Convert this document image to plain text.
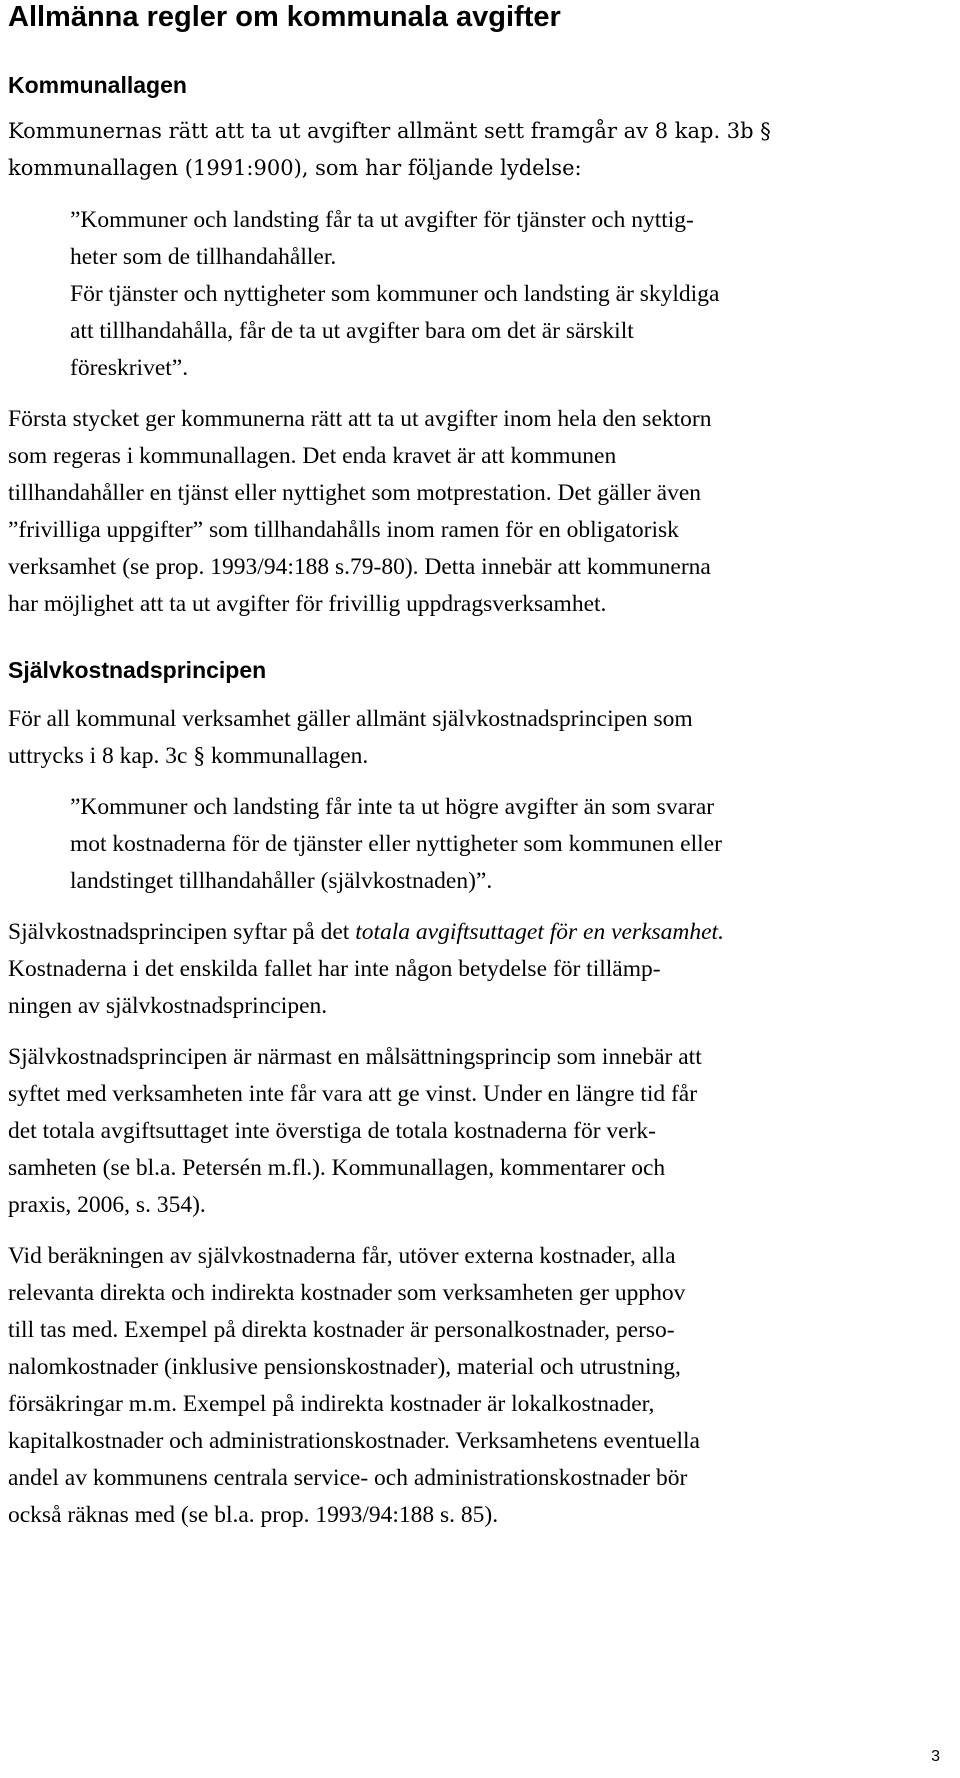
Allmänna regler om kommunala avgifter
Kommunallagen

Kommunernas rätt att ta ut avgifter allmänt sett framgår av 8 kap. 3b §
kommunallagen (1991:900), som har följande lydelse:

”Kommuner och landsting får ta ut avgifter för tjänster och nyttig-
heter som de tillhandahåller.
För tjänster och nyttigheter som kommuner och landsting är skyldiga
att tillhandahålla, får de ta ut avgifter bara om det är särskilt
föreskrivet”.

Första stycket ger kommunerna rätt att ta ut avgifter inom hela den sektorn
som regeras i kommunallagen. Det enda kravet är att kommunen
tillhandahåller en tjänst eller nyttighet som motprestation. Det gäller även
”frivilliga uppgifter” som tillhandahålls inom ramen för en obligatorisk
verksamhet (se prop. 1993/94:188 s.79-80). Detta innebär att kommunerna
har möjlighet att ta ut avgifter för frivillig uppdragsverksamhet.

Självkostnadsprincipen

För all kommunal verksamhet gäller allmänt självkostnadsprincipen som
uttrycks i 8 kap. 3c § kommunallagen.

”Kommuner och landsting får inte ta ut högre avgifter än som svarar
mot kostnaderna för de tjänster eller nyttigheter som kommunen eller
landstinget tillhandahåller (självkostnaden)”.

Självkostnadsprincipen syftar på det totala avgiftsuttaget för en verksamhet.
Kostnaderna i det enskilda fallet har inte någon betydelse för tillämp-
ningen av självkostnadsprincipen.

Självkostnadsprincipen är närmast en målsättningsprincip som innebär att
syftet med verksamheten inte får vara att ge vinst. Under en längre tid får
det totala avgiftsuttaget inte överstiga de totala kostnaderna för verk-
samheten (se bl.a. Petersén m.fl.). Kommunallagen, kommentarer och
praxis, 2006, s. 354).

Vid beräkningen av självkostnaderna får, utöver externa kostnader, alla
relevanta direkta och indirekta kostnader som verksamheten ger upphov
till tas med. Exempel på direkta kostnader är personalkostnader, perso-
nalomkostnader (inklusive pensionskostnader), material och utrustning,
försäkringar m.m. Exempel på indirekta kostnader är lokalkostnader,
kapitalkostnader och administrationskostnader. Verksamhetens eventuella
andel av kommunens centrala service- och administrationskostnader bör
också räknas med (se bl.a. prop. 1993/94:188 s. 85).

3
